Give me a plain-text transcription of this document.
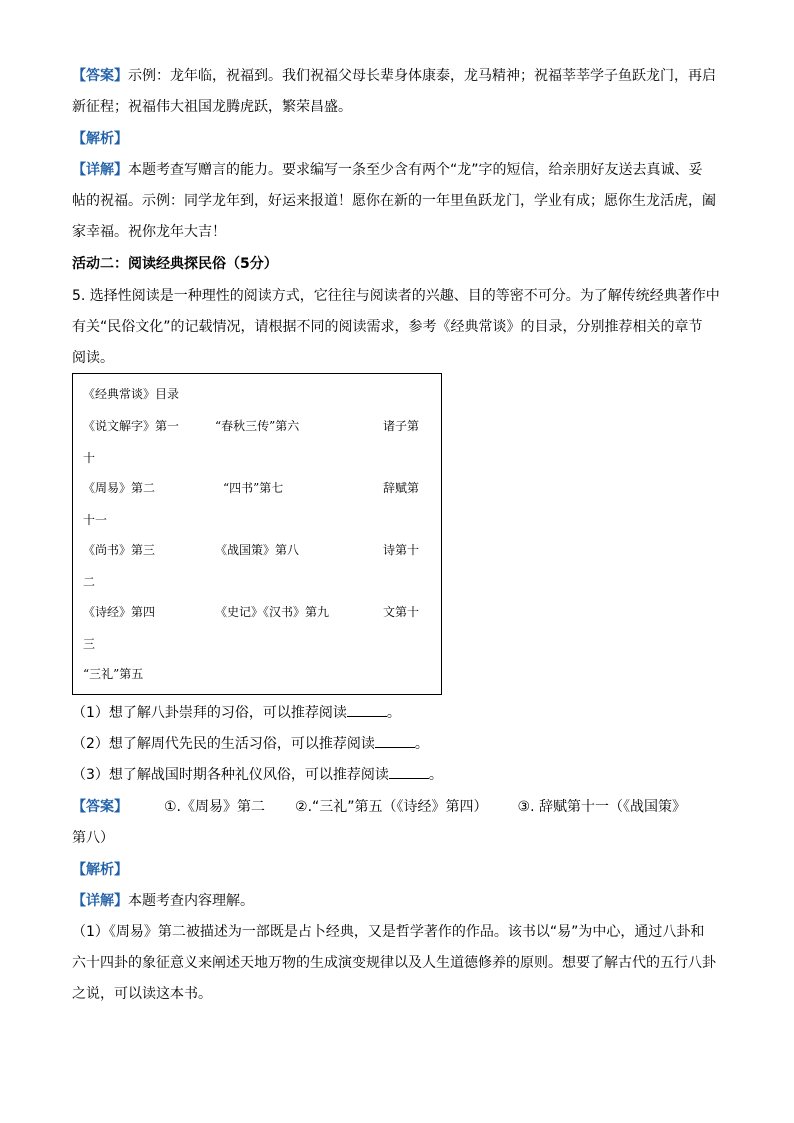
【答案】示例：龙年临，祝福到。我们祝福父母长辈身体康泰，龙马精神；祝福莘莘学子鱼跃龙门，再启
新征程；祝福伟大祖国龙腾虎跃，繁荣昌盛。
【解析】
【详解】本题考查写赠言的能力。要求编写一条至少含有两个“龙”字的短信，给亲朋好友送去真诚、妥
帖的祝福。示例：同学龙年到，好运来报道！愿你在新的一年里鱼跃龙门，学业有成；愿你生龙活虎，阖
家幸福。祝你龙年大吉！
活动二：阅读经典探民俗（5分）
5. 选择性阅读是一种理性的阅读方式，它往往与阅读者的兴趣、目的等密不可分。为了解传统经典著作中
有关“民俗文化”的记载情况，请根据不同的阅读需求，参考《经典常谈》的目录，分别推荐相关的章节
阅读。
《经典常谈》目录
《说文解字》第一	“春秋三传”第六	诸子第
十
《周易》第二	“四书”第七	辞赋第
十一
《尚书》第三	《战国策》第八	诗第十
二
《诗经》第四	《史记》《汉书》第九	文第十
三
“三礼”第五
（1）想了解八卦崇拜的习俗，可以推荐阅读	。
（2）想了解周代先民的生活习俗，可以推荐阅读	。
（3）想了解战国时期各种礼仪风俗，可以推荐阅读	。
【答案】	①.《周易》第二 ②.“三礼”第五（《诗经》第四） ③. 辞赋第十一（《战国策》
第八）
【解析】
【详解】本题考查内容理解。
（1）《周易》第二被描述为一部既是占卜经典，又是哲学著作的作品。该书以“易”为中心，通过八卦和
六十四卦的象征意义来阐述天地万物的生成演变规律以及人生道德修养的原则。想要了解古代的五行八卦
之说，可以读这本书。
